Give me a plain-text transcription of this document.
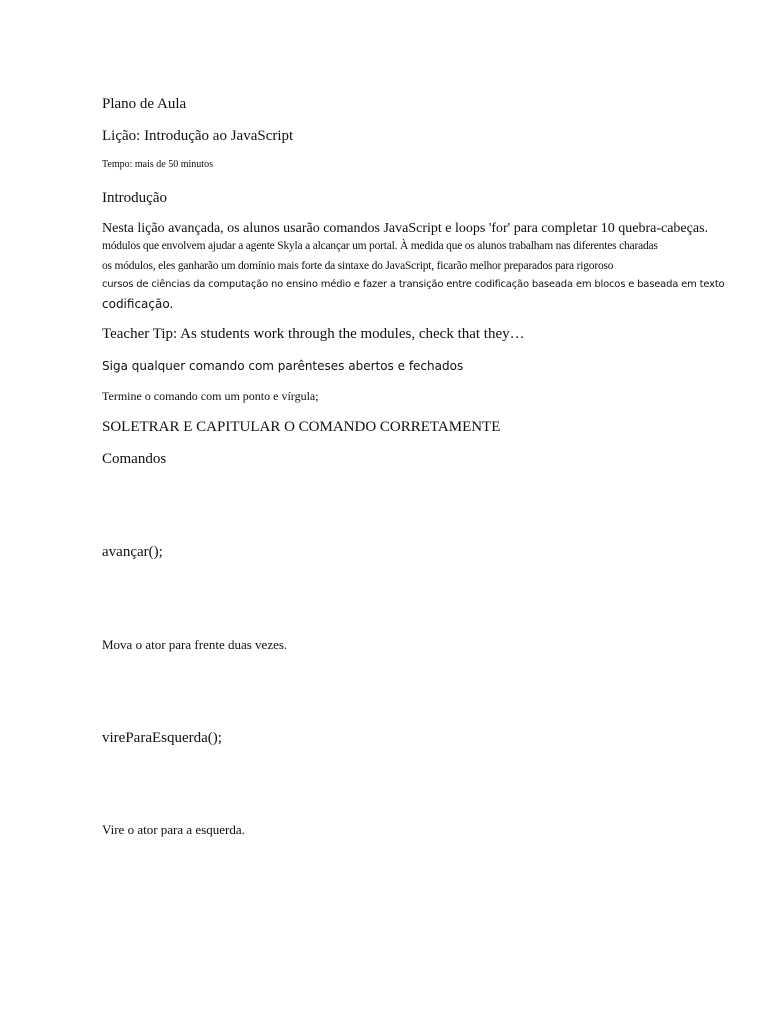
Plano de Aula

Lição: Introdução ao JavaScript

Tempo: mais de 50 minutos

Introdução

Nesta lição avançada, os alunos usarão comandos JavaScript e loops 'for' para completar 10 quebra-cabeças.

módulos que envolvem ajudar a agente Skyla a alcançar um portal. À medida que os alunos trabalham nas diferentes charadas

os módulos, eles ganharão um domínio mais forte da sintaxe do JavaScript, ficarão melhor preparados para rigoroso

cursos de ciências da computação no ensino médio e fazer a transição entre codificação baseada em blocos e baseada em texto

codificação.

Teacher Tip: As students work through the modules, check that they…

Siga qualquer comando com parênteses abertos e fechados

Termine o comando com um ponto e vírgula;

SOLETRAR E CAPITULAR O COMANDO CORRETAMENTE

Comandos

avançar();

Mova o ator para frente duas vezes.

vireParaEsquerda();

Vire o ator para a esquerda.
